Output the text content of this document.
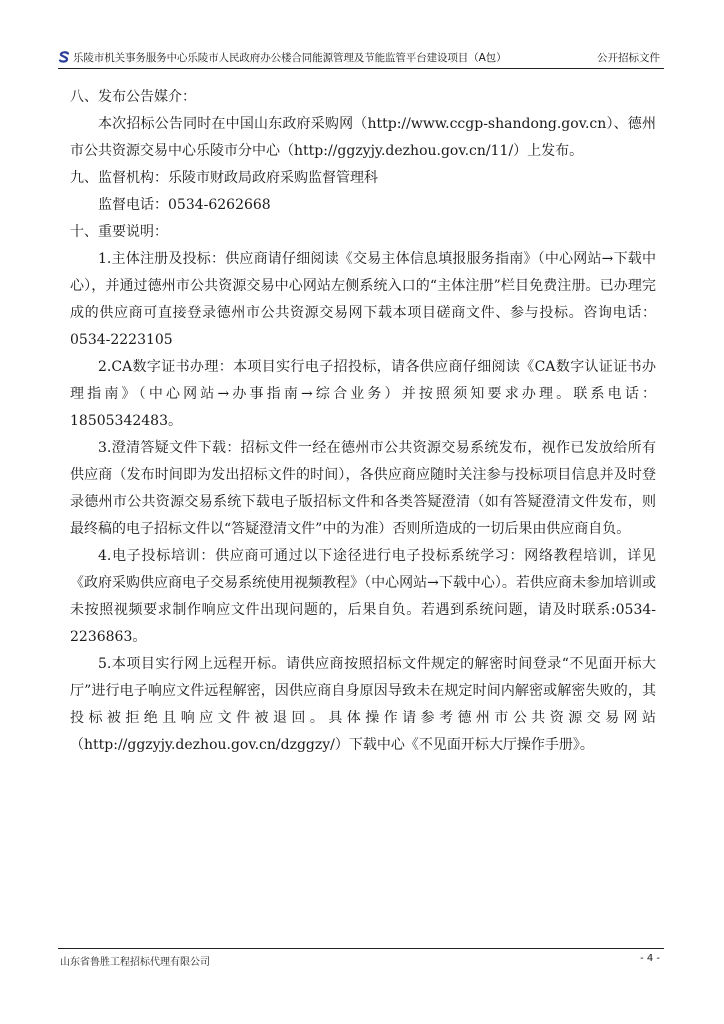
乐陵市机关事务服务中心乐陵市人民政府办公楼合同能源管理及节能监管平台建设项目（A包）	公开招标文件

八、发布公告媒介：

本次招标公告同时在中国山东政府采购网（http://www.ccgp-shandong.gov.cn）、德州市公共资源交易中心乐陵市分中心（http://ggzyjy.dezhou.gov.cn/11/）上发布。

九、监督机构：乐陵市财政局政府采购监督管理科

监督电话：0534-6262668

十、重要说明：

1.主体注册及投标：供应商请仔细阅读《交易主体信息填报服务指南》（中心网站→下载中心），并通过德州市公共资源交易中心网站左侧系统入口的“主体注册”栏目免费注册。已办理完成的供应商可直接登录德州市公共资源交易网下载本项目磋商文件、参与投标。咨询电话：0534-2223105

2.CA数字证书办理：本项目实行电子招投标，请各供应商仔细阅读《CA数字认证证书办理指南》（中心网站→办事指南→综合业务）并按照须知要求办理。联系电话：18505342483。

3.澄清答疑文件下载：招标文件一经在德州市公共资源交易系统发布，视作已发放给所有供应商（发布时间即为发出招标文件的时间），各供应商应随时关注参与投标项目信息并及时登录德州市公共资源交易系统下载电子版招标文件和各类答疑澄清（如有答疑澄清文件发布，则最终稿的电子招标文件以“答疑澄清文件”中的为准）否则所造成的一切后果由供应商自负。

4.电子投标培训：供应商可通过以下途径进行电子投标系统学习：网络教程培训，详见《政府采购供应商电子交易系统使用视频教程》（中心网站→下载中心）。若供应商未参加培训或未按照视频要求制作响应文件出现问题的，后果自负。若遇到系统问题，请及时联系:0534-2236863。

5.本项目实行网上远程开标。请供应商按照招标文件规定的解密时间登录“不见面开标大厅”进行电子响应文件远程解密，因供应商自身原因导致未在规定时间内解密或解密失败的，其投标被拒绝且响应文件被退回。具体操作请参考德州市公共资源交易网站（http://ggzyjy.dezhou.gov.cn/dzggzy/）下载中心《不见面开标大厅操作手册》。

山东省鲁胜工程招标代理有限公司	- 4 -
